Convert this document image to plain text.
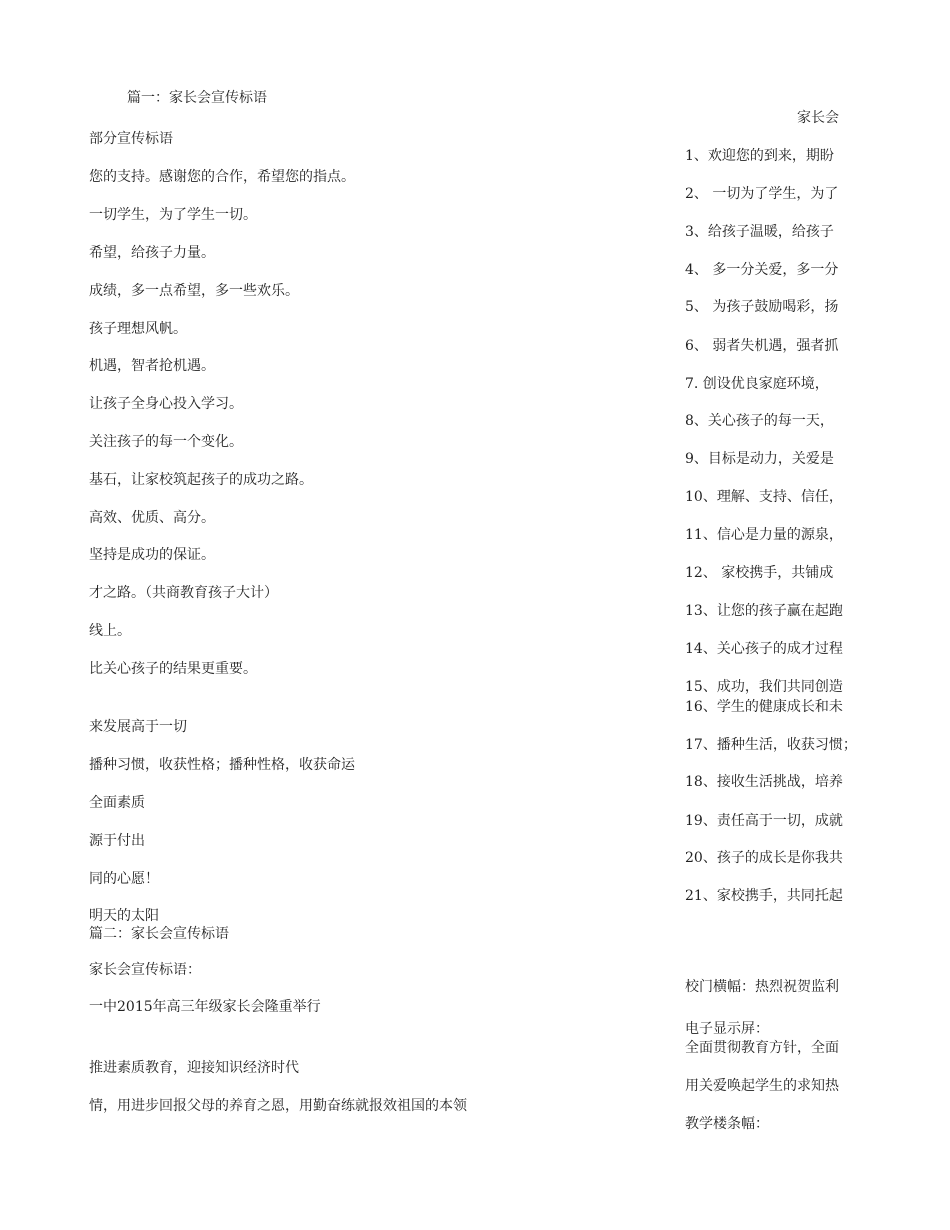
篇一：家长会宣传标语
部分宣传标语
您的支持。感谢您的合作，希望您的指点。
一切学生，为了学生一切。
希望，给孩子力量。
成绩，多一点希望，多一些欢乐。
孩子理想风帆。
机遇，智者抢机遇。
让孩子全身心投入学习。
关注孩子的每一个变化。
基石，让家校筑起孩子的成功之路。
高效、优质、高分。
坚持是成功的保证。
才之路。（共商教育孩子大计）
线上。
比关心孩子的结果更重要。
来发展高于一切
播种习惯，收获性格；播种性格，收获命运
全面素质
源于付出
同的心愿！
明天的太阳
篇二：家长会宣传标语
家长会宣传标语：
一中2015年高三年级家长会隆重举行
推进素质教育，迎接知识经济时代
情，用进步回报父母的养育之恩，用勤奋练就报效祖国的本领
家长会
1、欢迎您的到来，期盼
2、 一切为了学生，为了
3、给孩子温暖，给孩子
4、 多一分关爱，多一分
5、 为孩子鼓励喝彩，扬
6、 弱者失机遇，强者抓
7. 创设优良家庭环境，
8、关心孩子的每一天，
9、目标是动力，关爱是
10、理解、支持、信任，
11、信心是力量的源泉，
12、 家校携手，共铺成
13、让您的孩子赢在起跑
14、关心孩子的成才过程
15、成功，我们共同创造
16、学生的健康成长和未
17、播种生活，收获习惯；
18、接收生活挑战，培养
19、责任高于一切，成就
20、孩子的成长是你我共
21、家校携手，共同托起
校门横幅：热烈祝贺监利
电子显示屏：
全面贯彻教育方针，全面
用关爱唤起学生的求知热
教学楼条幅：
